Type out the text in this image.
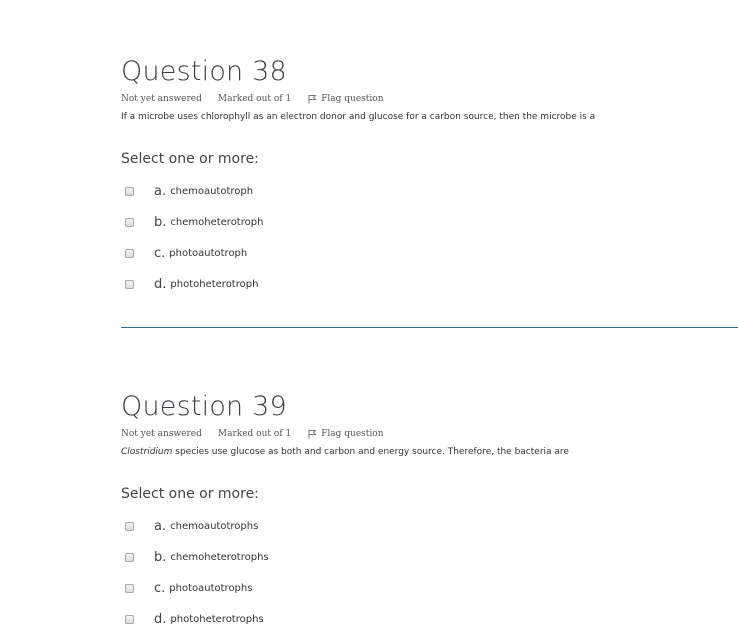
Question 38
Not yet answered Marked out of 1	Flag question
If a microbe uses chlorophyll as an electron donor and glucose for a carbon source, then the microbe is a
Select one or more:
a. chemoautotroph
b. chemoheterotroph
c. photoautotroph
d. photoheterotroph
Question 39
Not yet answered Marked out of 1	Flag question
Clostridium species use glucose as both and carbon and energy source. Therefore, the bacteria are
Select one or more:
a. chemoautotrophs
b. chemoheterotrophs
c. photoautotrophs
d. photoheterotrophs
